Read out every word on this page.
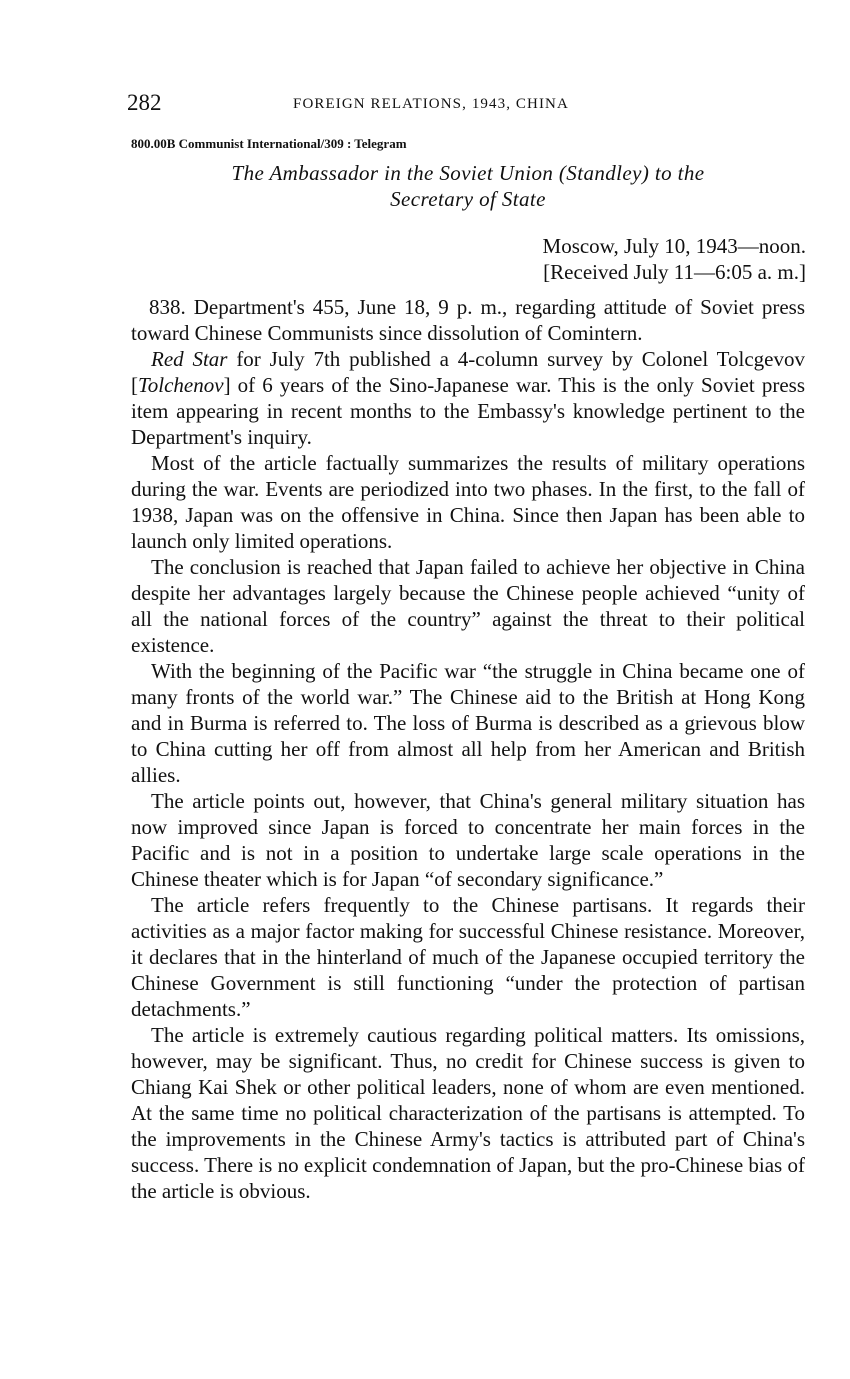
282	FOREIGN RELATIONS, 1943, CHINA
800.00B Communist International/309 : Telegram
The Ambassador in the Soviet Union (Standley) to the
Secretary of State
Moscow, July 10, 1943—noon.
[Received July 11—6:05 a. m.]

838. Department's 455, June 18, 9 p. m., regarding attitude of Soviet press toward Chinese Communists since dissolution of Comintern.

Red Star for July 7th published a 4-column survey by Colonel Tolcgevov [Tolchenov] of 6 years of the Sino-Japanese war. This is the only Soviet press item appearing in recent months to the Embassy's knowledge pertinent to the Department's inquiry.

Most of the article factually summarizes the results of military operations during the war. Events are periodized into two phases. In the first, to the fall of 1938, Japan was on the offensive in China. Since then Japan has been able to launch only limited operations.

The conclusion is reached that Japan failed to achieve her objective in China despite her advantages largely because the Chinese people achieved “unity of all the national forces of the country” against the threat to their political existence.

With the beginning of the Pacific war “the struggle in China became one of many fronts of the world war.” The Chinese aid to the British at Hong Kong and in Burma is referred to. The loss of Burma is described as a grievous blow to China cutting her off from almost all help from her American and British allies.

The article points out, however, that China's general military situation has now improved since Japan is forced to concentrate her main forces in the Pacific and is not in a position to undertake large scale operations in the Chinese theater which is for Japan “of secondary significance.”

The article refers frequently to the Chinese partisans. It regards their activities as a major factor making for successful Chinese resistance. Moreover, it declares that in the hinterland of much of the Japanese occupied territory the Chinese Government is still functioning “under the protection of partisan detachments.”

The article is extremely cautious regarding political matters. Its omissions, however, may be significant. Thus, no credit for Chinese success is given to Chiang Kai Shek or other political leaders, none of whom are even mentioned. At the same time no political characterization of the partisans is attempted. To the improvements in the Chinese Army's tactics is attributed part of China's success. There is no explicit condemnation of Japan, but the pro-Chinese bias of the article is obvious.
